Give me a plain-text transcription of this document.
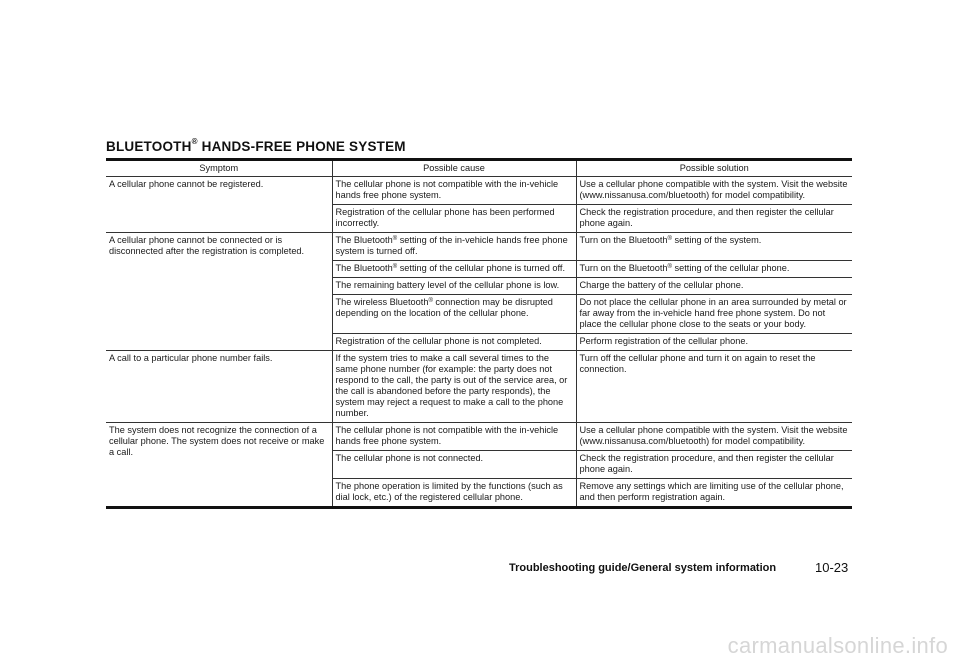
BLUETOOTH® HANDS-FREE PHONE SYSTEM
Symptom	Possible cause	Possible solution
A cellular phone cannot be registered.	The cellular phone is not compatible with the in-vehicle hands free phone system.	Use a cellular phone compatible with the system. Visit the website (www.nissanusa.com/bluetooth) for model compatibility.
	Registration of the cellular phone has been performed incorrectly.	Check the registration procedure, and then register the cellular phone again.
A cellular phone cannot be connected or is disconnected after the registration is completed.	The Bluetooth® setting of the in-vehicle hands free phone system is turned off.	Turn on the Bluetooth® setting of the system.
	The Bluetooth® setting of the cellular phone is turned off.	Turn on the Bluetooth® setting of the cellular phone.
	The remaining battery level of the cellular phone is low.	Charge the battery of the cellular phone.
	The wireless Bluetooth® connection may be disrupted depending on the location of the cellular phone.	Do not place the cellular phone in an area surrounded by metal or far away from the in-vehicle hand free phone system. Do not place the cellular phone close to the seats or your body.
	Registration of the cellular phone is not completed.	Perform registration of the cellular phone.
A call to a particular phone number fails.	If the system tries to make a call several times to the same phone number (for example: the party does not respond to the call, the party is out of the service area, or the call is abandoned before the party responds), the system may reject a request to make a call to the phone number.	Turn off the cellular phone and turn it on again to reset the connection.
The system does not recognize the connection of a cellular phone. The system does not receive or make a call.	The cellular phone is not compatible with the in-vehicle hands free phone system.	Use a cellular phone compatible with the system. Visit the website (www.nissanusa.com/bluetooth) for model compatibility.
	The cellular phone is not connected.	Check the registration procedure, and then register the cellular phone again.
	The phone operation is limited by the functions (such as dial lock, etc.) of the registered cellular phone.	Remove any settings which are limiting use of the cellular phone, and then perform registration again.
Troubleshooting guide/General system information	10-23
carmanualsonline.info
